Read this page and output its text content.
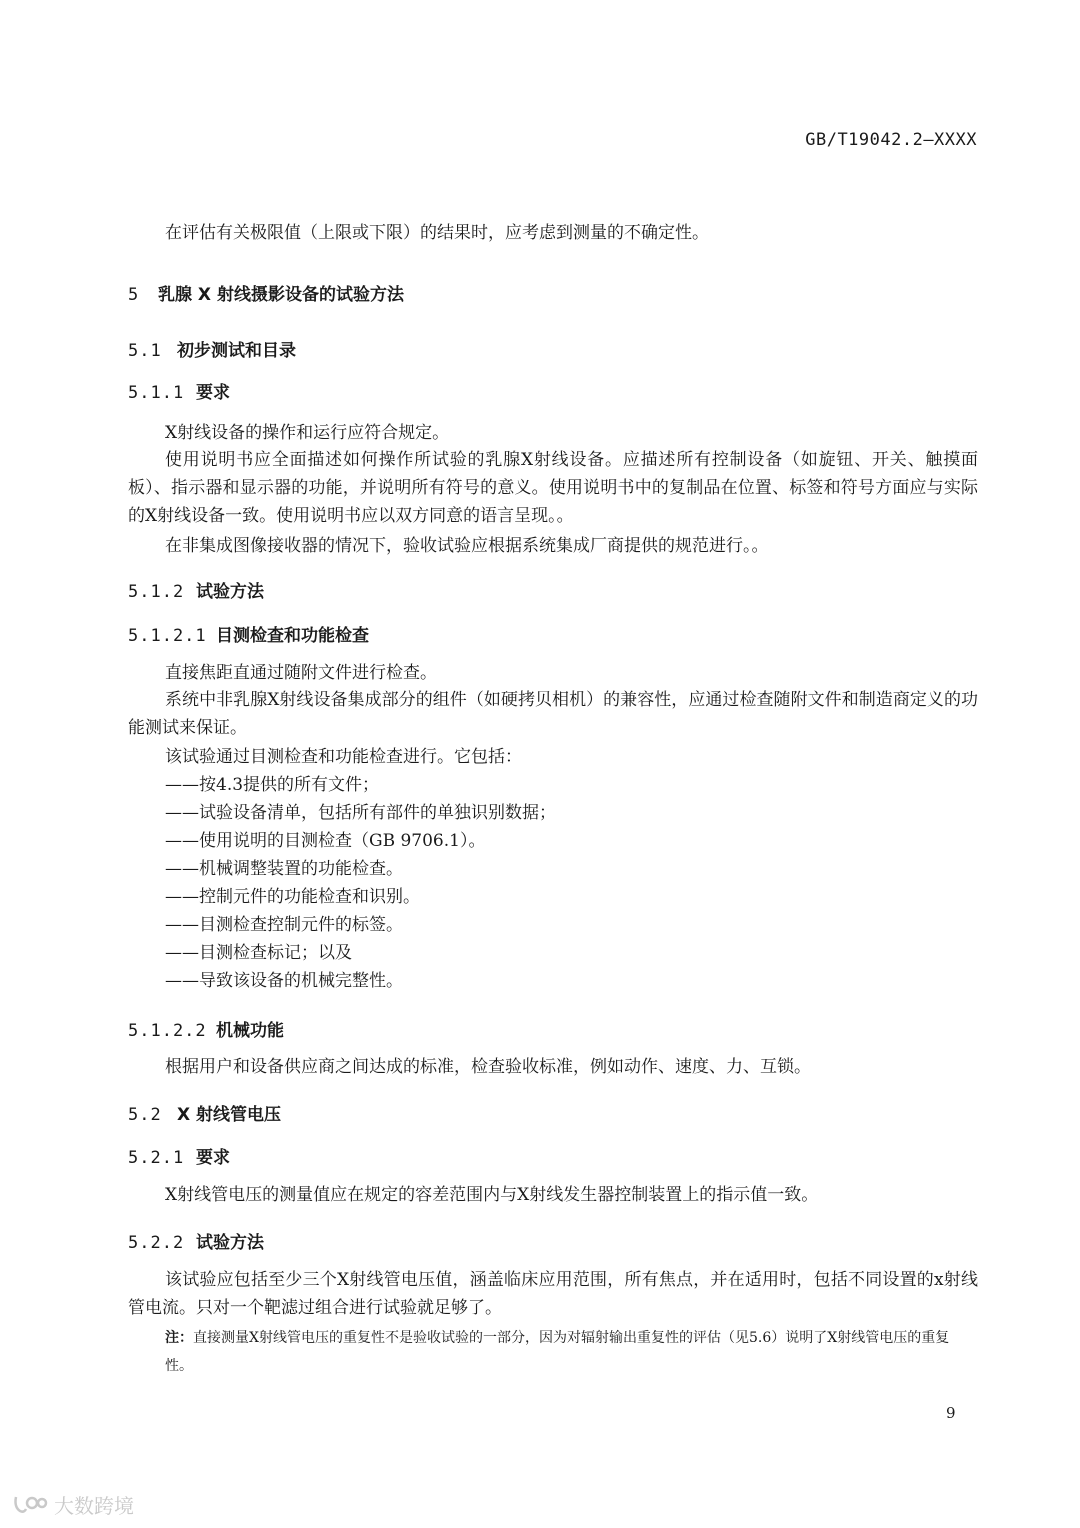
GB/T19042.2—XXXX
在评估有关极限值（上限或下限）的结果时，应考虑到测量的不确定性。
5 乳腺 X 射线摄影设备的试验方法
5.1 初步测试和目录
5.1.1 要求
X射线设备的操作和运行应符合规定。
使用说明书应全面描述如何操作所试验的乳腺X射线设备。应描述所有控制设备（如旋钮、开关、触摸面板）、指示器和显示器的功能，并说明所有符号的意义。使用说明书中的复制品在位置、标签和符号方面应与实际的X射线设备一致。使用说明书应以双方同意的语言呈现。。
在非集成图像接收器的情况下，验收试验应根据系统集成厂商提供的规范进行。。
5.1.2 试验方法
5.1.2.1 目测检查和功能检查
直接焦距直通过随附文件进行检查。
系统中非乳腺X射线设备集成部分的组件（如硬拷贝相机）的兼容性，应通过检查随附文件和制造商定义的功能测试来保证。
该试验通过目测检查和功能检查进行。它包括：
——按4.3提供的所有文件；
——试验设备清单，包括所有部件的单独识别数据；
——使用说明的目测检查（GB 9706.1）。
——机械调整装置的功能检查。
——控制元件的功能检查和识别。
——目测检查控制元件的标签。
——目测检查标记；以及
——导致该设备的机械完整性。
5.1.2.2 机械功能
根据用户和设备供应商之间达成的标准，检查验收标准，例如动作、速度、力、互锁。
5.2 X 射线管电压
5.2.1 要求
X射线管电压的测量值应在规定的容差范围内与X射线发生器控制装置上的指示值一致。
5.2.2 试验方法
该试验应包括至少三个X射线管电压值，涵盖临床应用范围，所有焦点，并在适用时，包括不同设置的x射线管电流。只对一个靶滤过组合进行试验就足够了。
注：直接测量X射线管电压的重复性不是验收试验的一部分，因为对辐射输出重复性的评估（见5.6）说明了X射线管电压的重复性。
9
大数跨境
